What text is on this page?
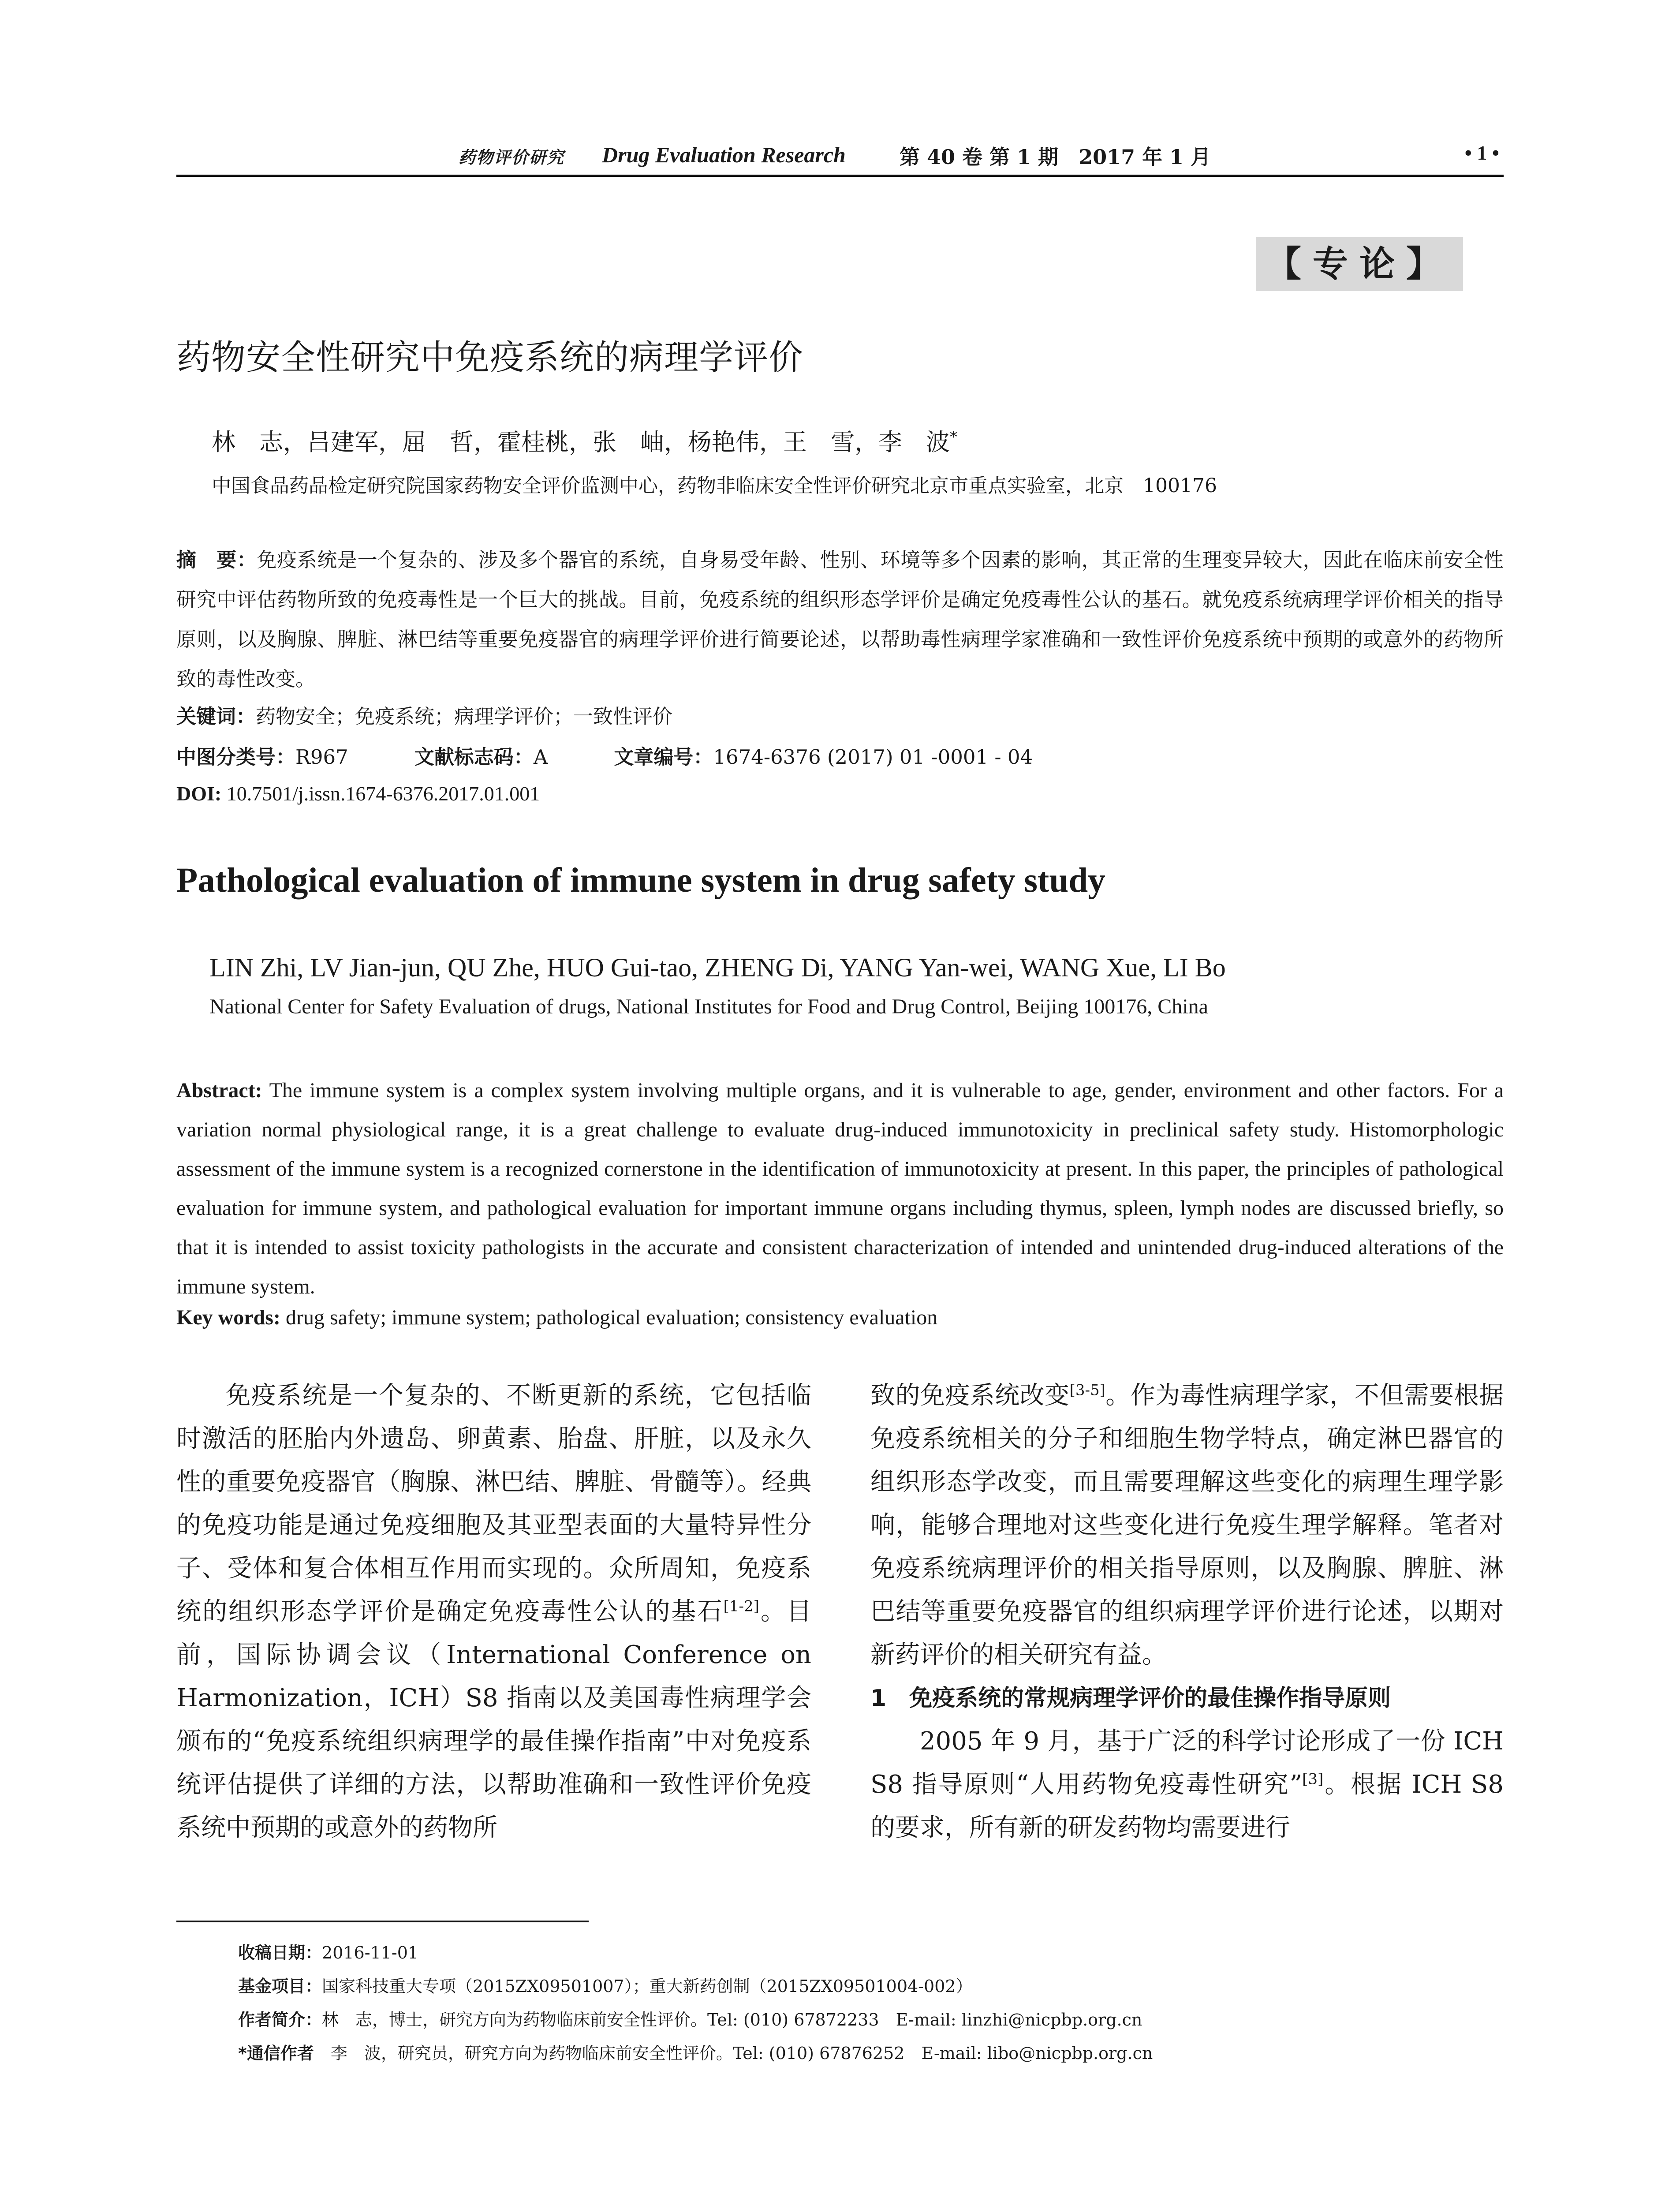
药物评价研究 Drug Evaluation Research	第 40 卷 第 1 期　2017 年 1 月	• 1 •
【专论】
药物安全性研究中免疫系统的病理学评价
林　志，吕建军，屈　哲，霍桂桃，张　岫，杨艳伟，王　雪，李　波*
中国食品药品检定研究院国家药物安全评价监测中心，药物非临床安全性评价研究北京市重点实验室，北京　100176
摘　要：免疫系统是一个复杂的、涉及多个器官的系统，自身易受年龄、性别、环境等多个因素的影响，其正常的生理变异较大，因此在临床前安全性研究中评估药物所致的免疫毒性是一个巨大的挑战。目前，免疫系统的组织形态学评价是确定免疫毒性公认的基石。就免疫系统病理学评价相关的指导原则，以及胸腺、脾脏、淋巴结等重要免疫器官的病理学评价进行简要论述，以帮助毒性病理学家准确和一致性评价免疫系统中预期的或意外的药物所致的毒性改变。
关键词：药物安全；免疫系统；病理学评价；一致性评价
中图分类号：R967	文献标志码：A	文章编号：1674-6376 (2017) 01 -0001 - 04
DOI: 10.7501/j.issn.1674-6376.2017.01.001
Pathological evaluation of immune system in drug safety study
LIN Zhi, LV Jian-jun, QU Zhe, HUO Gui-tao, ZHENG Di, YANG Yan-wei, WANG Xue, LI Bo
National Center for Safety Evaluation of drugs, National Institutes for Food and Drug Control, Beijing 100176, China
Abstract: The immune system is a complex system involving multiple organs, and it is vulnerable to age, gender, environment and other factors. For a variation normal physiological range, it is a great challenge to evaluate drug-induced immunotoxicity in preclinical safety study. Histomorphologic assessment of the immune system is a recognized cornerstone in the identification of immunotoxicity at present. In this paper, the principles of pathological evaluation for immune system, and pathological evaluation for important immune organs including thymus, spleen, lymph nodes are discussed briefly, so that it is intended to assist toxicity pathologists in the accurate and consistent characterization of intended and unintended drug-induced alterations of the immune system.
Key words: drug safety; immune system; pathological evaluation; consistency evaluation

免疫系统是一个复杂的、不断更新的系统，它包括临时激活的胚胎内外遗岛、卵黄素、胎盘、肝脏，以及永久性的重要免疫器官（胸腺、淋巴结、脾脏、骨髓等）。经典的免疫功能是通过免疫细胞及其亚型表面的大量特异性分子、受体和复合体相互作用而实现的。众所周知，免疫系统的组织形态学评价是确定免疫毒性公认的基石[1-2]。目前，国际协调会议（International Conference on Harmonization，ICH）S8 指南以及美国毒性病理学会颁布的“免疫系统组织病理学的最佳操作指南”中对免疫系统评估提供了详细的方法，以帮助准确和一致性评价免疫系统中预期的或意外的药物所

致的免疫系统改变[3-5]。作为毒性病理学家，不但需要根据免疫系统相关的分子和细胞生物学特点，确定淋巴器官的组织形态学改变，而且需要理解这些变化的病理生理学影响，能够合理地对这些变化进行免疫生理学解释。笔者对免疫系统病理评价的相关指导原则，以及胸腺、脾脏、淋巴结等重要免疫器官的组织病理学评价进行论述，以期对新药评价的相关研究有益。

1　免疫系统的常规病理学评价的最佳操作指导原则

2005 年 9 月，基于广泛的科学讨论形成了一份 ICH S8 指导原则“人用药物免疫毒性研究”[3]。根据 ICH S8 的要求，所有新的研发药物均需要进行

收稿日期：2016-11-01
基金项目：国家科技重大专项（2015ZX09501007）；重大新药创制（2015ZX09501004-002）
作者简介：林　志，博士，研究方向为药物临床前安全性评价。Tel: (010) 67872233　E-mail: linzhi@nicpbp.org.cn
*通信作者　 李　波，研究员，研究方向为药物临床前安全性评价。Tel: (010) 67876252　E-mail: libo@nicpbp.org.cn
